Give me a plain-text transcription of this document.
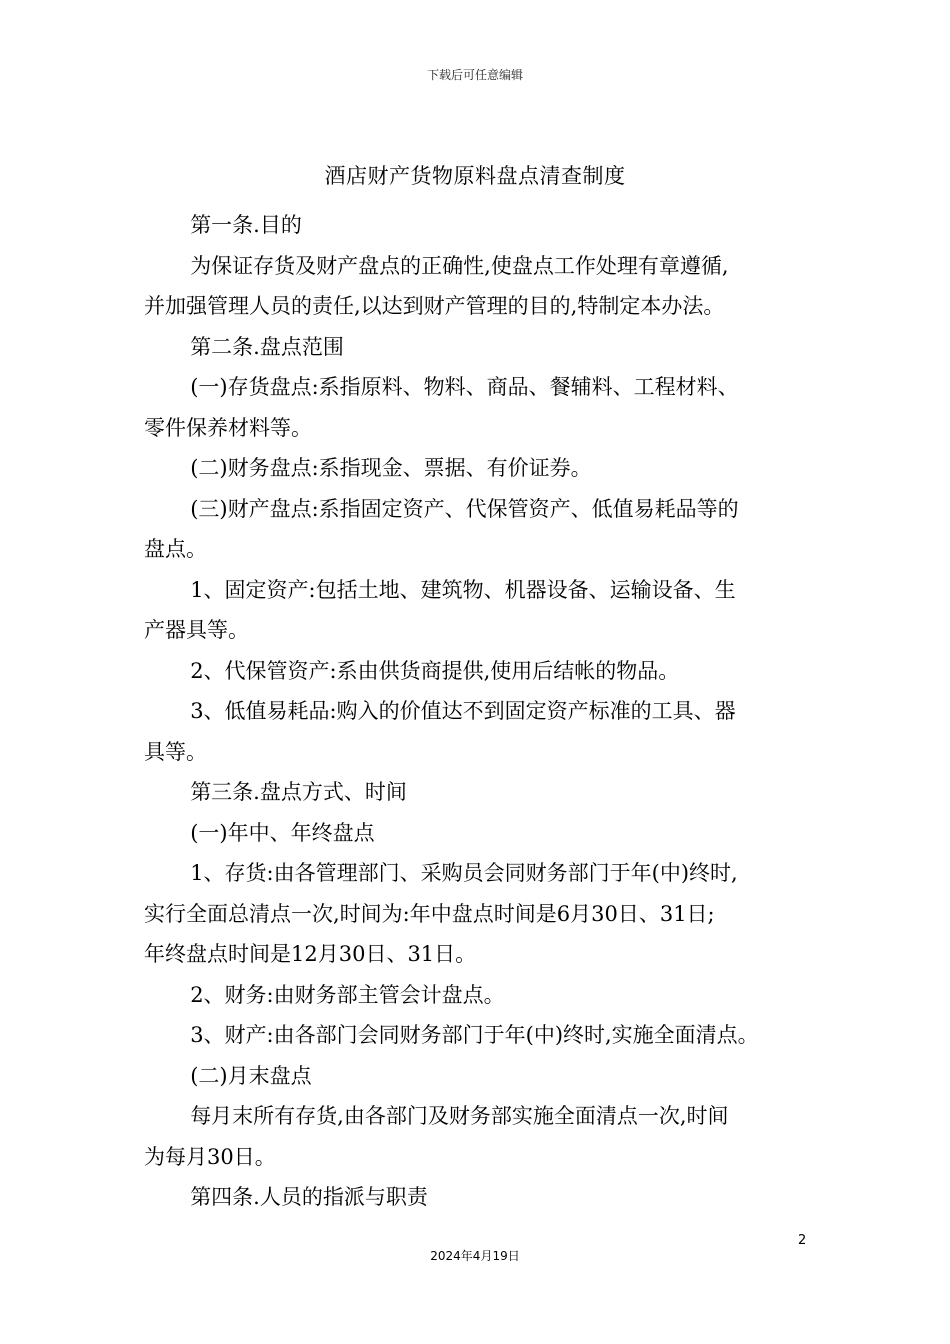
下载后可任意编辑
酒店财产货物原料盘点清查制度

第一条.目的

为保证存货及财产盘点的正确性,使盘点工作处理有章遵循,
并加强管理人员的责任,以达到财产管理的目的,特制定本办法。

第二条.盘点范围

(一)存货盘点:系指原料、物料、商品、餐辅料、工程材料、
零件保养材料等。

(二)财务盘点:系指现金、票据、有价证券。

(三)财产盘点:系指固定资产、代保管资产、低值易耗品等的
盘点。

1、固定资产:包括土地、建筑物、机器设备、运输设备、生
产器具等。

2、代保管资产:系由供货商提供,使用后结帐的物品。

3、低值易耗品:购入的价值达不到固定资产标准的工具、器
具等。

第三条.盘点方式、时间

(一)年中、年终盘点

1、存货:由各管理部门、采购员会同财务部门于年(中)终时,
实行全面总清点一次,时间为:年中盘点时间是6月30日、31日;
年终盘点时间是12月30日、31日。

2、财务:由财务部主管会计盘点。

3、财产:由各部门会同财务部门于年(中)终时,实施全面清点。

(二)月末盘点

每月末所有存货,由各部门及财务部实施全面清点一次,时间
为每月30日。

第四条.人员的指派与职责

2
2024年4月19日
